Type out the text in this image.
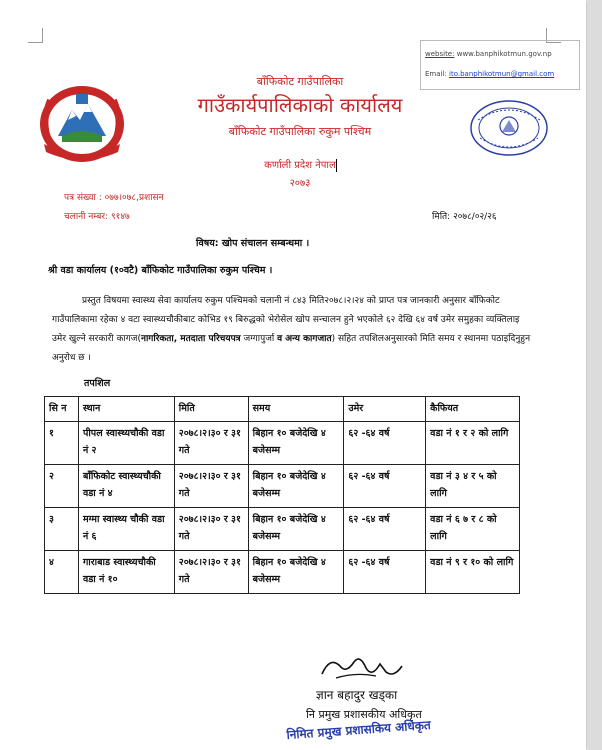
website: www.banphikotmun.gov.np
Email: ito.banphikotmun@gmail.com
बाँफिकोट गाउँपालिका
गाउँकार्यपालिकाको कार्यालय
बाँफिकोट गाउँपालिका रुकुम पश्चिम
कर्णाली प्रदेश नेपाल
२०७३
पत्र संख्या : ०७७।०७८,प्रशासन
चलानी नम्बर: ९१४७	मिति: २०७८/०२/२६
विषय: खोप संचालन सम्बन्धमा ।
श्री वडा कार्यालय (१०वटै) बाँफिकोट गाउँपालिका रुकुम पश्चिम ।
प्रस्तुत विषयमा स्वास्थ्य सेवा कार्यालय रुकुम पश्चिमको चलानी नं ८४३ मिति२०७८।२।२४ को प्राप्त पत्र जानकारी अनुसार बाँफिकोट गाउँपालिकामा रहेका ४ वटा स्वास्थ्यचौकीबाट कोभिड १९ बिरुद्धको भेरोसेल खोप सन्चालन हुने भएकोले ६२ देखि ६४ वर्ष उमेर समुहका व्यक्तिलाइ उमेर खुल्ने सरकारी कागज(नागरिकता, मतदाता परिचयपत्र जग्गापुर्जा व अन्य कागजात) सहित तपशिलअनुसारको मिति समय र स्थानमा पठाइदिनुहुन अनुरोध छ ।
तपशिल
सि न	स्थान	मिति	समय	उमेर	कैफियत
१	पीपल स्वास्थ्यचौकी वडा नं २	२०७८।२।३० र ३१ गते	बिहान १० बजेदेखि ४ बजेसम्म	६२ -६४ वर्ष	वडा नं १ र २ को लागि
२	बाँफिकोट स्वास्थ्यचौकी वडा नं ४	२०७८।२।३० र ३१ गते	बिहान १० बजेदेखि ४ बजेसम्म	६२ -६४ वर्ष	वडा नं ३ ४ र ५ को लागि
३	मग्मा स्वास्थ्य चौकी वडा नं ६	२०७८।२।३० र ३१ गते	बिहान १० बजेदेखि ४ बजेसम्म	६२ -६४ वर्ष	वडा नं ६ ७ र ८ को लागि
४	गाराबाड स्वास्थ्यचौकी वडा नं १०	२०७८।२।३० र ३१ गते	बिहान १० बजेदेखि ४ बजेसम्म	६२ -६४ वर्ष	वडा नं ९ र १० को लागि
ज्ञान बहादुर खड्का
नि प्रमुख प्रशासकीय अधिकृत
निमित प्रमुख प्रशासकिय अधिकृत
